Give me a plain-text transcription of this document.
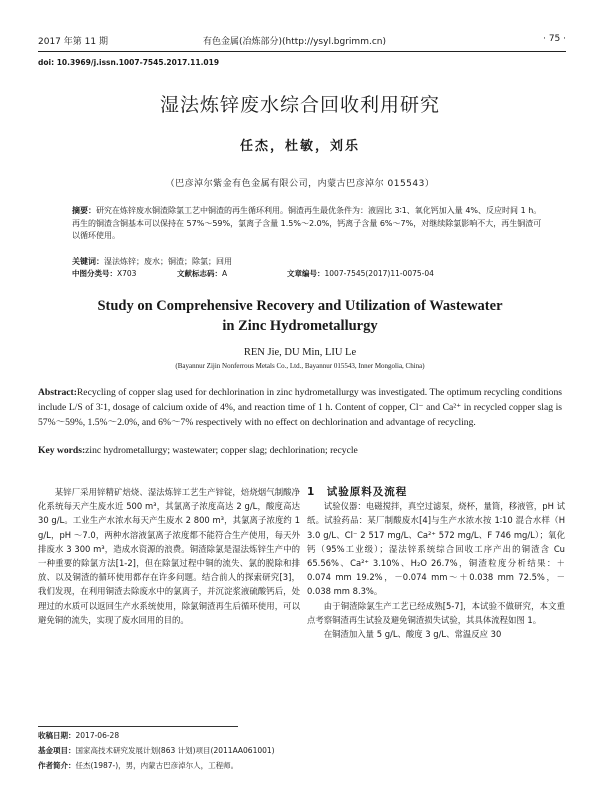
2017 年第 11 期	有色金属(冶炼部分)(http://ysyl.bgrimm.cn)	· 75 ·
doi: 10.3969/j.issn.1007-7545.2017.11.019
湿法炼锌废水综合回收利用研究
任杰，杜敏，刘乐
（巴彦淖尔紫金有色金属有限公司，内蒙古巴彦淖尔 015543）
摘要：研究在炼锌废水铜渣除氯工艺中铜渣的再生循环利用。铜渣再生最优条件为：液固比 3∶1、氧化钙加入量 4%、反应时间 1 h。再生的铜渣含铜基本可以保持在 57%～59%，氯离子含量 1.5%～2.0%，钙离子含量 6%～7%，对继续除氯影响不大，再生铜渣可以循环使用。
关键词：湿法炼锌；废水；铜渣；除氯；回用
中图分类号：X703	文献标志码：A	文章编号：1007-7545(2017)11-0075-04
Study on Comprehensive Recovery and Utilization of Wastewater
in Zinc Hydrometallurgy
REN Jie, DU Min, LIU Le
(Bayannur Zijin Nonferrous Metals Co., Ltd., Bayannur 015543, Inner Mongolia, China)
Abstract:Recycling of copper slag used for dechlorination in zinc hydrometallurgy was investigated. The optimum recycling conditions include L/S of 3∶1, dosage of calcium oxide of 4%, and reaction time of 1 h. Content of copper, Cl⁻ and Ca²⁺ in recycled copper slag is 57%～59%, 1.5%～2.0%, and 6%～7% respectively with no effect on dechlorination and advantage of recycling.
Key words:zinc hydrometallurgy; wastewater; copper slag; dechlorination; recycle

某锌厂采用锌精矿焙烧、湿法炼锌工艺生产锌锭，焙烧烟气制酸净化系统每天产生废水近 500 m³，其氯离子浓度高达 2 g/L，酸度高达 30 g/L。工业生产水浓水每天产生废水 2 800 m³，其氯离子浓度约 1 g/L，pH ～7.0，两种水溶液氯离子浓度都不能符合生产使用，每天外排废水 3 300 m³，造成水资源的浪费。铜渣除氯是湿法炼锌生产中的一种重要的除氯方法[1-2]，但在除氯过程中铜的流失、氯的脱除和排放、以及铜渣的循环使用都存在许多问题。结合前人的探索研究[3]，我们发现，在利用铜渣去除废水中的氯离子，并沉淀浆液硫酸钙后，处理过的水质可以返回生产水系统使用，除氯铜渣再生后循环使用，可以避免铜的流失，实现了废水回用的目的。

1　试验原料及流程

试验仪器：电磁搅拌，真空过滤泵，烧杯，量筒，移液管，pH 试纸。试验药品：某厂制酸废水[4]与生产水浓水按 1∶10 混合水样（H 3.0 g/L、Cl⁻ 2 517 mg/L、Ca²⁺ 572 mg/L、F 746 mg/L）；氧化钙（95%工业级）；湿法锌系统综合回收工序产出的铜渣含 Cu 65.56%、Ca²⁺ 3.10%、H₂O 26.7%，铜渣粒度分析结果：＋0.074 mm 19.2%，－0.074 mm～＋0.038 mm 72.5%，－0.038 mm 8.3%。

由于铜渣除氯生产工艺已经成熟[5-7]，本试验不做研究，本文重点考察铜渣再生试验及避免铜渣损失试验，其具体流程如图 1。

在铜渣加入量 5 g/L、酸度 3 g/L、常温反应 30

收稿日期：2017-06-28
基金项目：国家高技术研究发展计划(863 计划)项目(2011AA061001)
作者简介：任杰(1987-)，男，内蒙古巴彦淖尔人，工程师。
